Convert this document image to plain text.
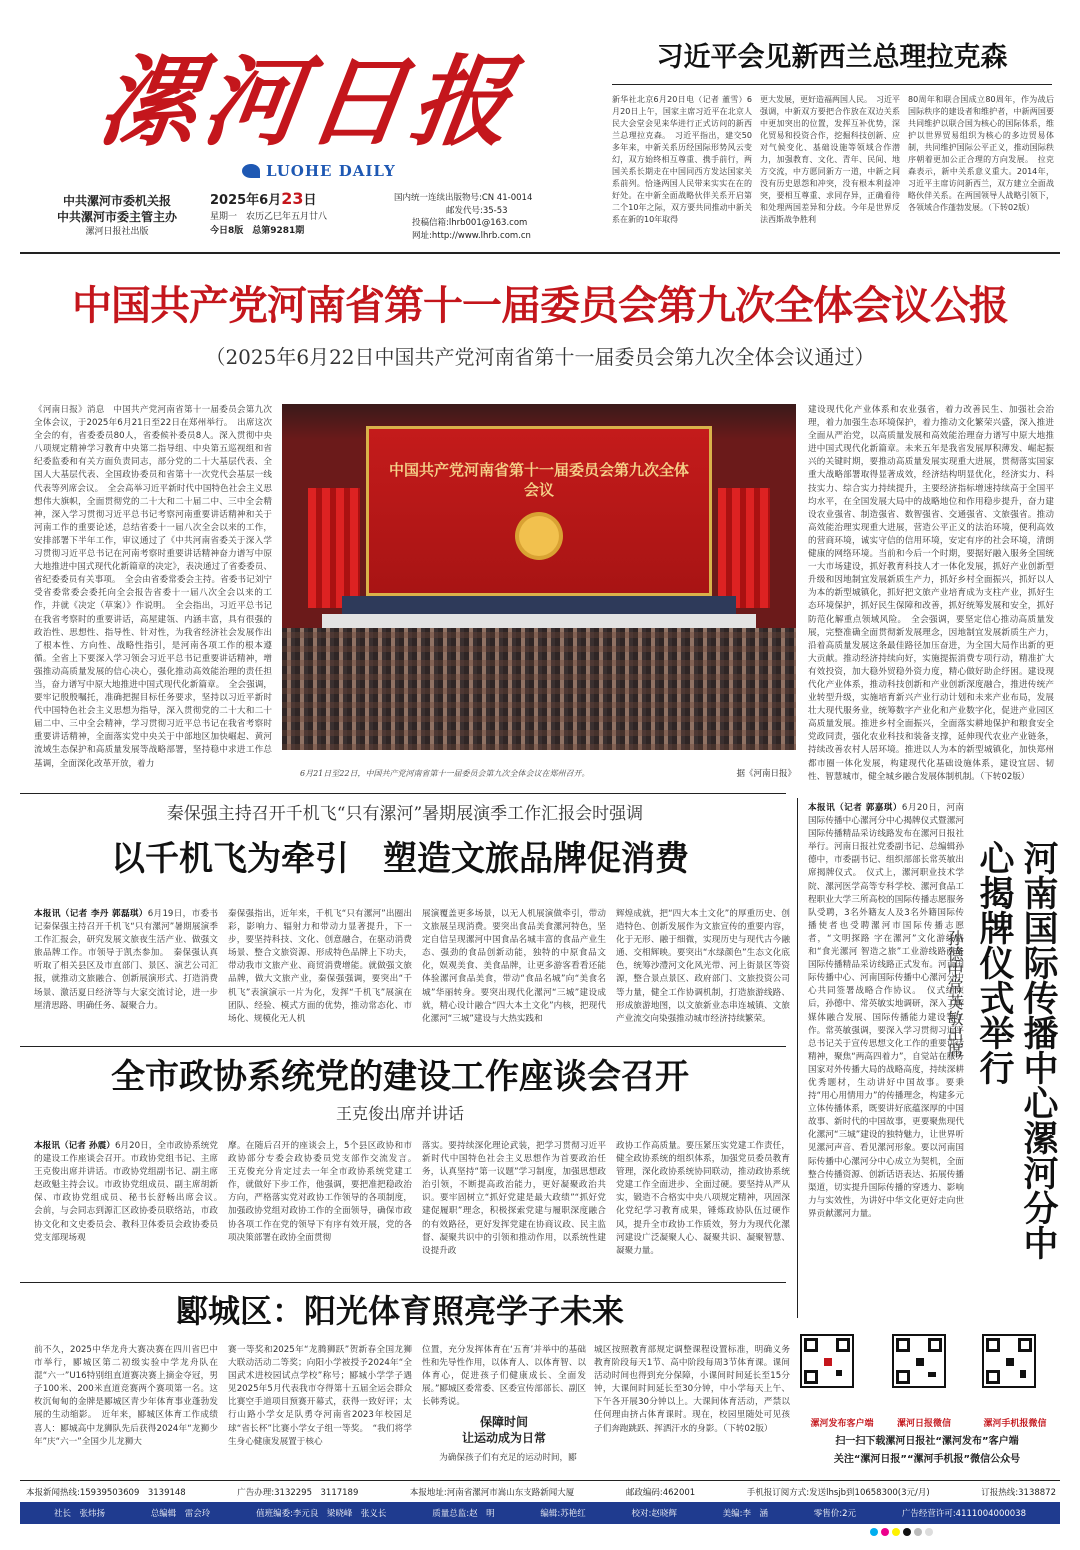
漯河日报
LUOHE DAILY
中共漯河市委机关报
中共漯河市委主管主办
漯河日报社出版
2025年6月23日
星期一　农历乙巳年五月廿八
今日8版　总第9281期
国内统一连续出版物号:CN 41-0014
邮发代号:35-53
投稿信箱:lhrb001@163.com
网址:http://www.lhrb.com.cn
习近平会见新西兰总理拉克森
新华社北京6月20日电（记者 董雪）6月20日上午，国家主席习近平在北京人民大会堂会见来华进行正式访问的新西兰总理拉克森。　习近平指出，建交50多年来，中新关系历经国际形势风云变幻，双方始终相互尊重、携手前行，两国关系长期走在中国同西方发达国家关系前列。恰逢两国人民带来实实在在的好处。在中新全面战略伙伴关系开启第二个10年之际，双方要共同推动中新关系在新的10年取得
更大发展，更好造福两国人民。　习近平强调，中新双方要把合作放在双边关系中更加突出的位置，发挥互补优势，深化贸易和投资合作，挖掘科技创新、应对气候变化、基础设施等领域合作潜力，加强教育、文化、青年、民间、地方交流，中方愿同新方一道，中新之间没有历史恩怨和冲突，没有根本利益冲突，要相互尊重、求同存异，正确看待和处理两国差异和分歧。今年是世界反法西斯战争胜利
80周年和联合国成立80周年，作为战后国际秩序的建设者和维护者，中新两国要共同维护以联合国为核心的国际体系，维护以世界贸易组织为核心的多边贸易体制，共同维护国际公平正义，推动国际秩序朝着更加公正合理的方向发展。　拉克森表示，新中关系意义重大。2014年，习近平主席访问新西兰，双方建立全面战略伙伴关系。在两国领导人战略引领下，各领域合作蓬勃发展。（下转02版）
中国共产党河南省第十一届委员会第九次全体会议公报
（2025年6月22日中国共产党河南省第十一届委员会第九次全体会议通过）
《河南日报》消息　中国共产党河南省第十一届委员会第九次全体会议，于2025年6月21日至22日在郑州举行。　出席这次全会的有，省委委员80人，省委候补委员8人。深入贯彻中央八项规定精神学习教育中央第二指导组、中央第五巡视组和省纪委监委和有关方面负责同志，部分党的二十大基层代表、全国人大基层代表、全国政协委员和省第十一次党代会基层一线代表等列席会议。　全会高举习近平新时代中国特色社会主义思想伟大旗帜，全面贯彻党的二十大和二十届二中、三中全会精神，深入学习贯彻习近平总书记考察河南重要讲话精神和关于河南工作的重要论述，总结省委十一届八次全会以来的工作，安排部署下半年工作，审议通过了《中共河南省委关于深入学习贯彻习近平总书记在河南考察时重要讲话精神奋力谱写中原大地推进中国式现代化新篇章的决定》，表决通过了省委委员、省纪委委员有关事项。　全会由省委常委会主持。省委书记刘宁受省委常委会委托向全会报告省委十一届八次全会以来的工作，并就《决定（草案）》作说明。　全会指出，习近平总书记在我省考察时的重要讲话，高屋建瓴、内涵丰富，具有很强的政治性、思想性、指导性、针对性，为我省经济社会发展作出了根本性、方向性、战略性指引，是河南各项工作的根本遵循。全省上下要深入学习领会习近平总书记重要讲话精神，增强推动高质量发展的信心决心，强化推动高效能治理的责任担当，奋力谱写中原大地推进中国式现代化新篇章。　全会强调，要牢记殷殷嘱托，准确把握目标任务要求，坚持以习近平新时代中国特色社会主义思想为指导，深入贯彻党的二十大和二十届二中、三中全会精神，学习贯彻习近平总书记在我省考察时重要讲话精神，全面落实党中央关于中部地区加快崛起、黄河流域生态保护和高质量发展等战略部署，坚持稳中求进工作总基调，全面深化改革开放，着力
中国共产党河南省第十一届委员会第九次全体会议
6月21日至22日，中国共产党河南省第十一届委员会第九次全体会议在郑州召开。	据《河南日报》
建设现代化产业体系和农业强省，着力改善民生、加强社会治理，着力加强生态环境保护，着力推动文化繁荣兴盛，深入推进全面从严治党，以高质量发展和高效能治理奋力谱写中原大地推进中国式现代化新篇章。未来五年是我省发展厚积薄发、崛起振兴的关键时期，要推动高质量发展实现重大进展，贯彻落实国家重大战略部署取得显著成效，经济结构明显优化，经济实力、科技实力、综合实力持续提升，主要经济指标增速持续高于全国平均水平，在全国发展大局中的战略地位和作用稳步提升，奋力建设农业强省、制造强省、数智强省、交通强省、文旅强省。推动高效能治理实现重大进展，营造公平正义的法治环境，便利高效的营商环境，诚实守信的信用环境，安定有序的社会环境，清朗健康的网络环境。当前和今后一个时期，要据好融入服务全国统一大市场建设，抓好教育科技人才一体化发展，抓好产业创新型升级和因地制宜发展新质生产力，抓好乡村全面振兴，抓好以人为本的新型城镇化，抓好把文旅产业培育成为支柱产业，抓好生态环境保护，抓好民生保障和改善，抓好统筹发展和安全，抓好防范化解重点领域风险。　全会强调，要坚定信心推动高质量发展，完整准确全面贯彻新发展理念，因地制宜发展新质生产力，沿着高质量发展这条最佳路径加压奋进，为全国大局作出新的更大贡献。推动经济持续向好，实施提振消费专项行动，精准扩大有效投资，加大稳外贸稳外资力度，精心做好助企纾困。建设现代化产业体系，推动科技创新和产业创新深度融合，推进传统产业转型升级，实施培育新兴产业行动计划和未来产业布局，发展壮大现代服务业，统筹数字产业化和产业数字化，促进产业园区高质量发展。推进乡村全面振兴，全面落实耕地保护和粮食安全党政同责，强化农业科技和装备支撑，延伸现代农业产业链条，持续改善农村人居环境。推进以人为本的新型城镇化，加快郑州都市圈一体化发展，构建现代化基础设施体系，建设宜居、韧性、智慧城市，健全城乡融合发展体制机制。（下转02版）
秦保强主持召开千机飞“只有漯河”暑期展演季工作汇报会时强调
以千机飞为牵引　塑造文旅品牌促消费
本报讯（记者 李丹 郭磊琪）6月19日，市委书记秦保强主持召开千机飞“只有漯河”暑期展演季工作汇报会，研究发展文旅夜生活产业、做强文旅品牌工作。市领导于凯杰参加。　秦保强认真听取了相关县区及市直部门、景区、演艺公司汇报，就推动文旅融合、创新展演形式、打造消费场景、激活夏日经济等与大家交流讨论，进一步厘清思路、明确任务、凝聚合力。
秦保强指出，近年来，千机飞“只有漯河”出圈出彩，影响力、辐射力和带动力显著提升，下一步，要坚持科技、文化、创意融合，在驱动消费场景、整合文旅资源、形成特色品牌上下功夫，带动我市文旅产业、商贸消费增能。就做强文旅品牌，做大文旅产业，秦保强强调，要突出“千机飞”表演演示一片为化，发挥“千机飞”展演在团队、经验、模式方面的优势，推动常态化、市场化、规模化无人机
展演覆盖更多场景，以无人机展演做牵引，带动文旅展呈现消费。要突出食品美食漯河特色，坚定自信呈现漯河中国食品名城丰富的食品产业生态、强劲的食品创新动能，独特的中原食品文化，娱观美食、美食品牌，让更多游客看看还能体验漯河食品美食，带动“食品名城”向“美食名城”华丽转身。要突出现代化漯河“三城”建设成就，精心设计融合“四大本土文化”内核，把现代化漯河“三城”建设与大热实践和
辉煌成就，把“四大本土文化”的厚重历史、创造特色、创新发展作为文旅宣传的重要内容，化于无形、融于细微，实现历史与现代古今融通、交相辉映。要突出“水绿颜色”生态文化底色，统筹沙澧河文化风光带、河上街景区等资源，整合景点景区、政府部门、文旅投资公司等力量，健全工作协调机制，打造旅游线路、形成旅游地图，以文旅新业态串连城镇、文旅产业流交向染强推动城市经济持续繁荣。
全市政协系统党的建设工作座谈会召开
王克俊出席并讲话
本报讯（记者 孙震）6月20日，全市政协系统党的建设工作座谈会召开。市政协党组书记、主席王克俊出席并讲话。市政协党组副书记、副主席赵政魁主持会议。市政协党组成员、副主席胡新保、市政协党组成员、秘书长舒畅出席会议。　会前，与会同志到源汇区政协委员联络站，市政协文化和文史委员会、教科卫体委员会政协委员党支部现场观
摩。在随后召开的座谈会上，5个县区政协和市政协部分专委会政协委员党支部作交流发言。　王克俊充分肯定过去一年全市政协系统党建工作，就做好下步工作，他强调，要把准把稳政治方向，严格落实党对政协工作领导的各项制度，加强政协党组对政协工作的全面领导，确保市政协各项工作在党的领导下有序有效开展，党的各项决策部署在政协全面贯彻
落实。要持续深化理论武装，把学习贯彻习近平新时代中国特色社会主义思想作为首要政治任务，认真坚持“第一议题”学习制度，加强思想政治引领，不断提高政治能力，更好凝聚政治共识。要牢固树立“抓好党建是最大政绩”“抓好党建促履职”理念，积极探索党建与履职深度融合的有效路径，更好发挥党建在协商议政、民主监督、凝聚共识中的引领和推动作用，以系统性建设提升政
政协工作高质量。要压紧压实党建工作责任，健全政协系统的组织体系，加强党员委员教育管理，深化政协系统协同联动，推动政协系统党建工作全面进步、全面过硬。要坚持从严从实，锻造不合格实中央八项规定精神，巩固深化党纪学习教育成果，锤炼政协队伍过硬作风，提升全市政协工作质效，努力为现代化漯河建设广泛凝聚人心、凝聚共识、凝聚智慧、凝聚力量。
郾城区：阳光体育照亮学子未来
前不久，2025中华龙舟大赛决赛在四川省巴中市举行，郾城区第二初级实验中学龙舟队在混“六一”U16特别组直道赛决赛上摘金夺冠，男子100米、200米直道竞赛两个赛项第一名。这枚沉甸甸的金牌是郾城区青少年体育事业蓬勃发展的生动缩影。　近年来，郾城区体育工作成绩喜人：郾城高中龙狮队先后获得2024年“龙狮少年”庆“六一”全国少儿龙狮大
赛一等奖和2025年“龙腾狮跃”贺新春全国龙狮大联动活动二等奖；向阳小学被授予2024年“全国武术进校园试点学校”称号；郾城小学学子遇见2025年5月代表我市夺得第十五届全运会群众比赛空手道项目预赛开幕式，获得一致好评；太行山路小学女足队勇夺河南省2023年校园足球“省长杯”比赛小学女子组一等奖。　“我们将学生身心健康发展置于核心
位置，充分发挥体育在‘五育’并举中的基础性和先导性作用，以体育人、以体育智、以体育心，促进孩子们健康成长、全面发展。”郾城区委常委、区委宣传部部长、副区长韩秀说。
保障时间
让运动成为日常
　　为确保孩子们有充足的运动时间，郾
城区按照教育部规定调整课程设置标准，明确义务教育阶段每天1节、高中阶段每周3节体育课。课间活动时间也得到充分保障，小课间时间延长至15分钟，大课间时间延长至30分钟，中小学每天上午、下午各开展30分钟以上。大课间体育活动，严禁以任何理由挤占体育课时。现在，校园里随处可见孩子们奔跑跳跃、挥洒汗水的身影。（下转02版）
本报讯（记者 郭嘉琪）6月20日，河南国际传播中心漯河分中心揭牌仪式暨漯河国际传播精品采访线路发布在漯河日报社举行。河南日报社党委副书记、总编辑孙德中，市委副书记、组织部部长常英敏出席揭牌仪式。　仪式上，漯河职业技术学院、漯河医学高等专科学校、漯河食品工程职业大学三所高校的国际传播志愿服务队受聘，3名外籍友人及3名外籍国际传播使者也受聘漯河市国际传播志愿者，“文明探路 字在漯河”文化游线路和“食光漯河 智造之旅”工业游线路两条国际传播精品采访线路正式发布。河南国际传播中心、河南国际传播中心漯河分中心共同签署战略合作协议。　仪式结束后，孙德中、常英敏实地调研，深入了解媒体融合发展、国际传播能力建设等工作。常英敏强调，要深入学习贯彻习近平总书记关于宣传思想文化工作的重要讲话精神，聚焦“两高四着力”，自觉站在服务国家对外传播大局的战略高度，持续深耕优秀题材，生动讲好中国故事。要秉持“用心用情用力”的传播理念，构建多元立体传播体系，既要讲好底蕴深厚的中国故事、新时代的中国故事，更要聚焦现代化漯河“三城”建设的独特魅力，让世界听见漯河声音、看见漯河形象。要以河南国际传播中心漯河分中心成立为契机，全面整合传播资源、创新话语表达、拓展传播渠道，切实提升国际传播的穿透力、影响力与实效性，为讲好中华文化更好走向世界贡献漯河力量。	河南国际传播中心漯河分中心揭牌仪式举行
孙德中常英敏出席
漯河发布客户端	漯河日报微信	漯河手机报微信
扫一扫下载漯河日报社“漯河发布”客户端
关注“漯河日报”“漯河手机报”微信公众号
本报新闻热线:15939503609　3139148	广告办理:3132295　3117189	本报地址:河南省漯河市嵩山东支路新闻大厦	邮政编码:462001	手机报订阅方式:发送lhsjb到10658300(3元/月)	订报热线:3138872
社长　张炜扬	总编辑　雷会玲	值班编委:李元良　梁晓峰　张义长	质量总监:赵　明	编辑:苏艳红	校对:赵晓辉	美编:李　涵	零售价:2元	广告经营许可:4111004000038
